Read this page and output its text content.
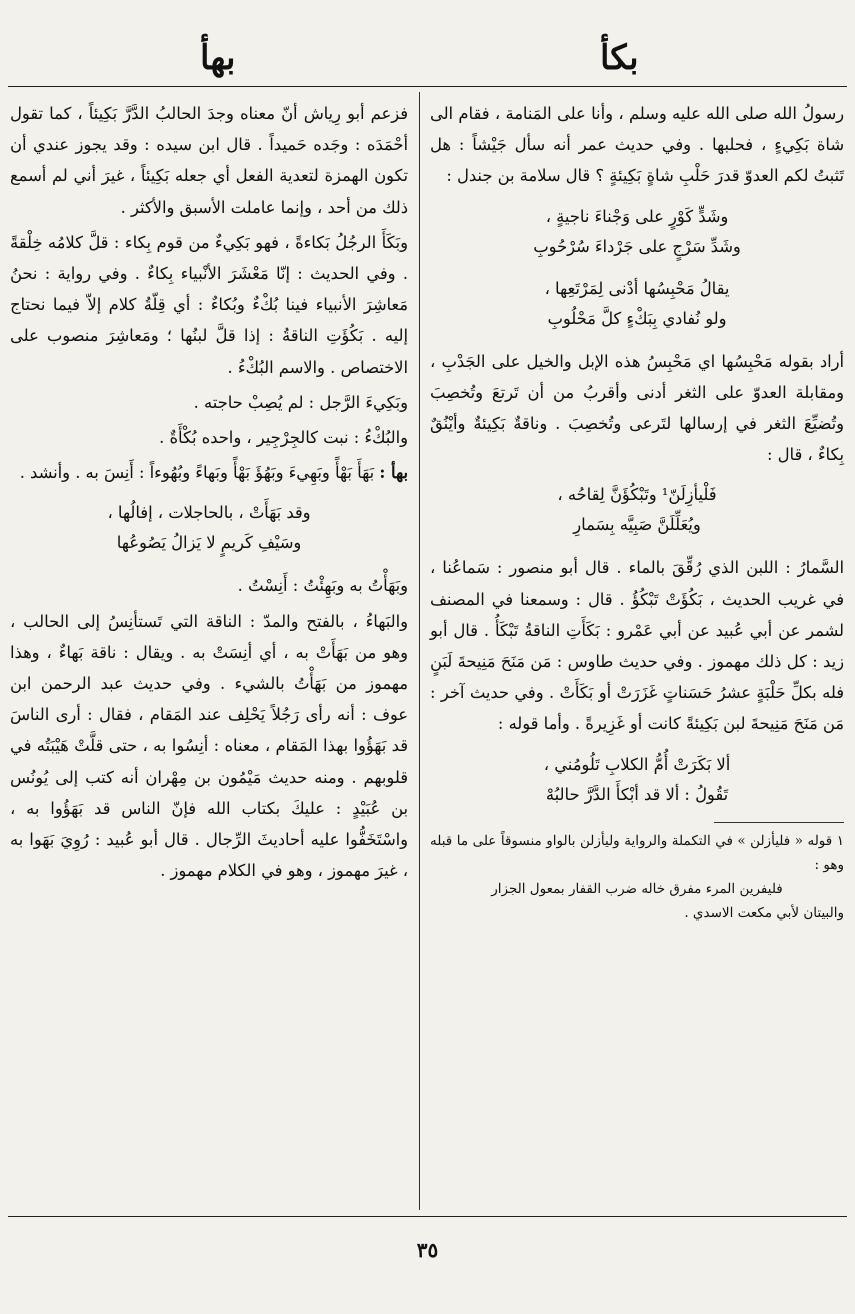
بهأ	بكأ

رسولُ الله صلى الله عليه وسلم ، وأنا على المَنامة ، فقام الى شاة بَكِيءٍ ، فحلبها . وفي حديث عمر أنه سأل جَيْشاً : هل تَثبتُ لكم العدوّ قدرَ حَلْبِ شاةٍ بَكِيئةٍ ؟ قال سلامة بن جندل :

وشَدٍّ كَوْرٍ على وَجْناءَ ناجيةٍ ،
وشَدِّ سَرْجٍ على جَرْداءَ سُرْحُوبِ
يقالُ مَحْبِسُها أدْنى لِمَرْتَعِها ،
ولو نُفادي بِبَكْءٍ كلَّ مَحْلُوبِ

أراد بقوله مَحْبِسُها اي مَحْبِسُ هذه الإبل والخيل على الجَدْبِ ، ومقابلة العدوّ على الثغر أدنى وأقربُ من أن تَرتعَ وتُخصِبَ وتُضيِّعَ الثغر في إرسالها لتَرعى وتُخصِبَ . وناقةٌ بَكِيئةٌ وأيْنُقٌ بِكاءٌ ، قال :

فَلْيأزِلَنّ¹ وتَبْكُؤَنَّ لِقاحُه ،
ويُعَلِّلَنَّ صَبِيَّه بِسَمارِ

السَّمارُ : اللبن الذي رُقِّقَ بالماء . قال أبو منصور : سَماعُنا ، في غريب الحديث ، بَكُؤَتْ تَبْكُؤُ . قال : وسمعنا في المصنف لشمر عن أبي عُبيد عن أبي عَمْرو : بَكَأَتِ الناقةُ تَبْكَأُ . قال أبو زيد : كل ذلك مهموز . وفي حديث طاوس : مَن مَنَحَ مَنِيحةَ لَبَنٍ فله بكلِّ حَلْبَةٍ عشرُ حَسَناتٍ غَزَرَتْ أو بَكَأَتْ . وفي حديث آخر : مَن مَنَحَ مَنِيحةَ لبن بَكِيئةً كانت أو غَزِيرةً . وأما قوله :

ألا بَكَرَتْ أُمُّ الكلابِ تَلُومُني ،
تَقُولُ : ألا قد أبْكأَ الدَّرَّ حالبُهْ
١ قوله « فليأزلن » في التكملة والرواية وليأزلن بالواو منسوقاً على ما قبله وهو :
فليفرين المرء مفرق خاله ضرب القفار بمعول الجزار
والبيتان لأبي مكعت الاسدي .

فزعم أبو رِياش أنّ معناه وجدَ الحالبُ الدَّرَّ بَكِيئاً ، كما تقول أحْمَدَه : وجَده حَميداً . قال ابن سيده : وقد يجوز عندي أن تكون الهمزة لتعدية الفعل أي جعله بَكِيئاً ، غيرَ أني لم أسمع ذلك من أحد ، وإنما عاملت الأسبق والأكثر .

وبَكَأَ الرجُلُ بَكاءةً ، فهو بَكِيءٌ من قوم بِكاء : قلَّ كلامُه خِلْقةً . وفي الحديث : إنّا مَعْشَرَ الأنْبياء بِكاءٌ . وفي رواية : نحنُ مَعاشِرَ الأنبياء فينا بُكْءٌ وبُكاءٌ : أي قِلّةُ كلام إلاّ فيما نحتاج إليه . بَكُؤَتِ الناقةُ : إذا قلَّ لبنُها ؛ ومَعاشِرَ منصوب على الاختصاص . والاسم البُكْءُ .

وبَكِيءَ الرَّجل : لم يُصِبْ حاجته .

والبُكْءُ : نبت كالجِرْجِير ، واحده بُكْأَةٌ .

بهأ : بَهَأَ بَهْأً وبَهِيءَ وبَهُؤَ بَهْأً وبَهاءً وبُهُوءاً : أَنِسَ به . وأنشد .

وقد بَهَأَتْ ، بالحاجلات ، إفالُها ،
وسَيْفِ كَريمٍ لا يَزالُ يَصُوعُها

وبَهَأْتُ به وبَهِئْتُ : أَنِسْتُ .

والبَهاءُ ، بالفتح والمدّ : الناقة التي تَستأنِسُ إلى الحالب ، وهو من بَهَأَتْ به ، أي أنِسَتْ به . ويقال : ناقة بَهاءٌ ، وهذا مهموز من بَهَأْتُ بالشيء . وفي حديث عبد الرحمن ابن عوف : أنه رأى رَجُلاً يَحْلِف عند المَقام ، فقال : أرى الناسَ قد بَهَؤُوا بهذا المَقام ، معناه : أنِسُوا به ، حتى قلَّتْ هَيْبَتُه في قلوبهم . ومنه حديث مَيْمُون بن مِهْران أنه كتب إلى يُونُس بن عُبَيْدٍ : عليكَ بكتاب الله فإنّ الناس قد بَهَؤُوا به ، واسْتَخَفُّوا عليه أحاديثَ الرِّجال . قال أبو عُبيد : رُوِيَ بَهَوا به ، غيرَ مهموز ، وهو في الكلام مهموز .

٣٥
